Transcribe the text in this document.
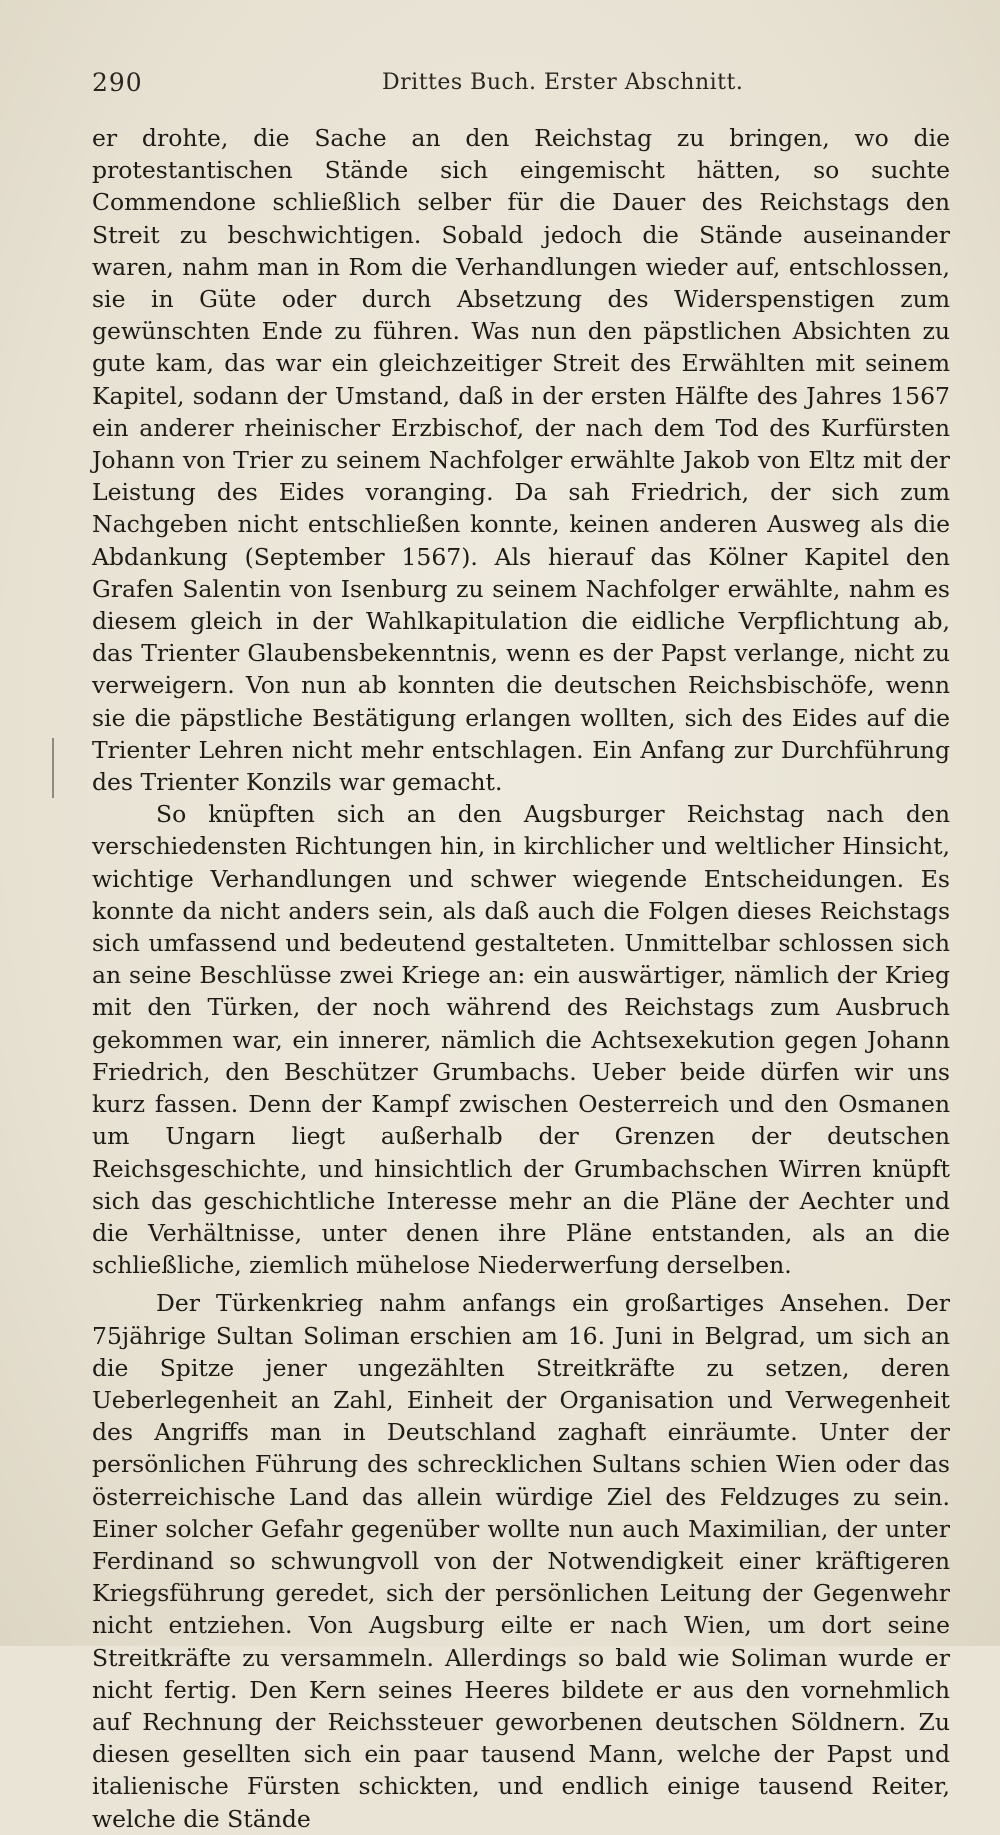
290	Drittes Buch. Erster Abschnitt.

er drohte, die Sache an den Reichstag zu bringen, wo die protestantischen Stände sich eingemischt hätten, so suchte Commendone schließlich selber für die Dauer des Reichstags den Streit zu beschwichtigen. Sobald jedoch die Stände auseinander waren, nahm man in Rom die Verhandlungen wieder auf, entschlossen, sie in Güte oder durch Absetzung des Widerspenstigen zum gewünschten Ende zu führen. Was nun den päpstlichen Absichten zu gute kam, das war ein gleichzeitiger Streit des Erwählten mit seinem Kapitel, sodann der Umstand, daß in der ersten Hälfte des Jahres 1567 ein anderer rheinischer Erzbischof, der nach dem Tod des Kurfürsten Johann von Trier zu seinem Nachfolger erwählte Jakob von Eltz mit der Leistung des Eides voranging. Da sah Friedrich, der sich zum Nachgeben nicht entschließen konnte, keinen anderen Ausweg als die Abdankung (September 1567). Als hierauf das Kölner Kapitel den Grafen Salentin von Isenburg zu seinem Nachfolger erwählte, nahm es diesem gleich in der Wahlkapitulation die eidliche Verpflichtung ab, das Trienter Glaubensbekenntnis, wenn es der Papst verlange, nicht zu verweigern. Von nun ab konnten die deutschen Reichsbischöfe, wenn sie die päpstliche Bestätigung erlangen wollten, sich des Eides auf die Trienter Lehren nicht mehr entschlagen. Ein Anfang zur Durchführung des Trienter Konzils war gemacht.

So knüpften sich an den Augsburger Reichstag nach den verschiedensten Richtungen hin, in kirchlicher und weltlicher Hinsicht, wichtige Verhandlungen und schwer wiegende Entscheidungen. Es konnte da nicht anders sein, als daß auch die Folgen dieses Reichstags sich umfassend und bedeutend gestalteten. Unmittelbar schlossen sich an seine Beschlüsse zwei Kriege an: ein auswärtiger, nämlich der Krieg mit den Türken, der noch während des Reichstags zum Ausbruch gekommen war, ein innerer, nämlich die Achtsexekution gegen Johann Friedrich, den Beschützer Grumbachs. Ueber beide dürfen wir uns kurz fassen. Denn der Kampf zwischen Oesterreich und den Osmanen um Ungarn liegt außerhalb der Grenzen der deutschen Reichsgeschichte, und hinsichtlich der Grumbachschen Wirren knüpft sich das geschichtliche Interesse mehr an die Pläne der Aechter und die Verhältnisse, unter denen ihre Pläne entstanden, als an die schließliche, ziemlich mühelose Niederwerfung derselben.

Der Türkenkrieg nahm anfangs ein großartiges Ansehen. Der 75jährige Sultan Soliman erschien am 16. Juni in Belgrad, um sich an die Spitze jener ungezählten Streitkräfte zu setzen, deren Ueberlegenheit an Zahl, Einheit der Organisation und Verwegenheit des Angriffs man in Deutschland zaghaft einräumte. Unter der persönlichen Führung des schrecklichen Sultans schien Wien oder das österreichische Land das allein würdige Ziel des Feldzuges zu sein. Einer solcher Gefahr gegenüber wollte nun auch Maximilian, der unter Ferdinand so schwungvoll von der Notwendigkeit einer kräftigeren Kriegsführung geredet, sich der persönlichen Leitung der Gegenwehr nicht entziehen. Von Augsburg eilte er nach Wien, um dort seine Streitkräfte zu versammeln. Allerdings so bald wie Soliman wurde er nicht fertig. Den Kern seines Heeres bildete er aus den vornehmlich auf Rechnung der Reichssteuer geworbenen deutschen Söldnern. Zu diesen gesellten sich ein paar tausend Mann, welche der Papst und italienische Fürsten schickten, und endlich einige tausend Reiter, welche die Stände
